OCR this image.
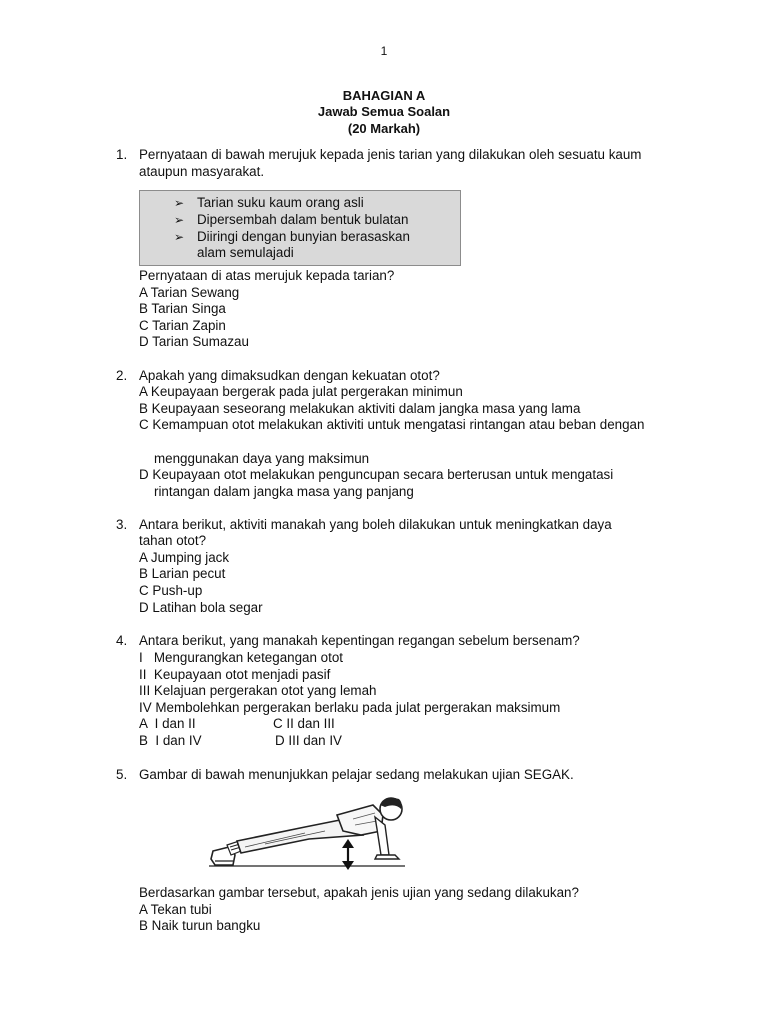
1
BAHAGIAN A
Jawab Semua Soalan
(20 Markah)
1. Pernyataan di bawah merujuk kepada jenis tarian yang dilakukan oleh sesuatu kaum
ataupun masyarakat.
➢ Tarian suku kaum orang asli
➢ Dipersembah dalam bentuk bulatan
➢ Diiringi dengan bunyian berasaskan
alam semulajadi
Pernyataan di atas merujuk kepada tarian?
A Tarian Sewang
B Tarian Singa
C Tarian Zapin
D Tarian Sumazau
2. Apakah yang dimaksudkan dengan kekuatan otot?
A Keupayaan bergerak pada julat pergerakan minimun
B Keupayaan seseorang melakukan aktiviti dalam jangka masa yang lama
C Kemampuan otot melakukan aktiviti untuk mengatasi rintangan atau beban dengan
menggunakan daya yang maksimun
D Keupayaan otot melakukan penguncupan secara berterusan untuk mengatasi
rintangan dalam jangka masa yang panjang
3. Antara berikut, aktiviti manakah yang boleh dilakukan untuk meningkatkan daya
tahan otot?
A Jumping jack
B Larian pecut
C Push-up
D Latihan bola segar
4. Antara berikut, yang manakah kepentingan regangan sebelum bersenam?
I   Mengurangkan ketegangan otot
II  Keupayaan otot menjadi pasif
III Kelajuan pergerakan otot yang lemah
IV Membolehkan pergerakan berlaku pada julat pergerakan maksimum
A  I dan II	C II dan III
B  I dan IV	D III dan IV
5. Gambar di bawah menunjukkan pelajar sedang melakukan ujian SEGAK.
Berdasarkan gambar tersebut, apakah jenis ujian yang sedang dilakukan?
A Tekan tubi
B Naik turun bangku
